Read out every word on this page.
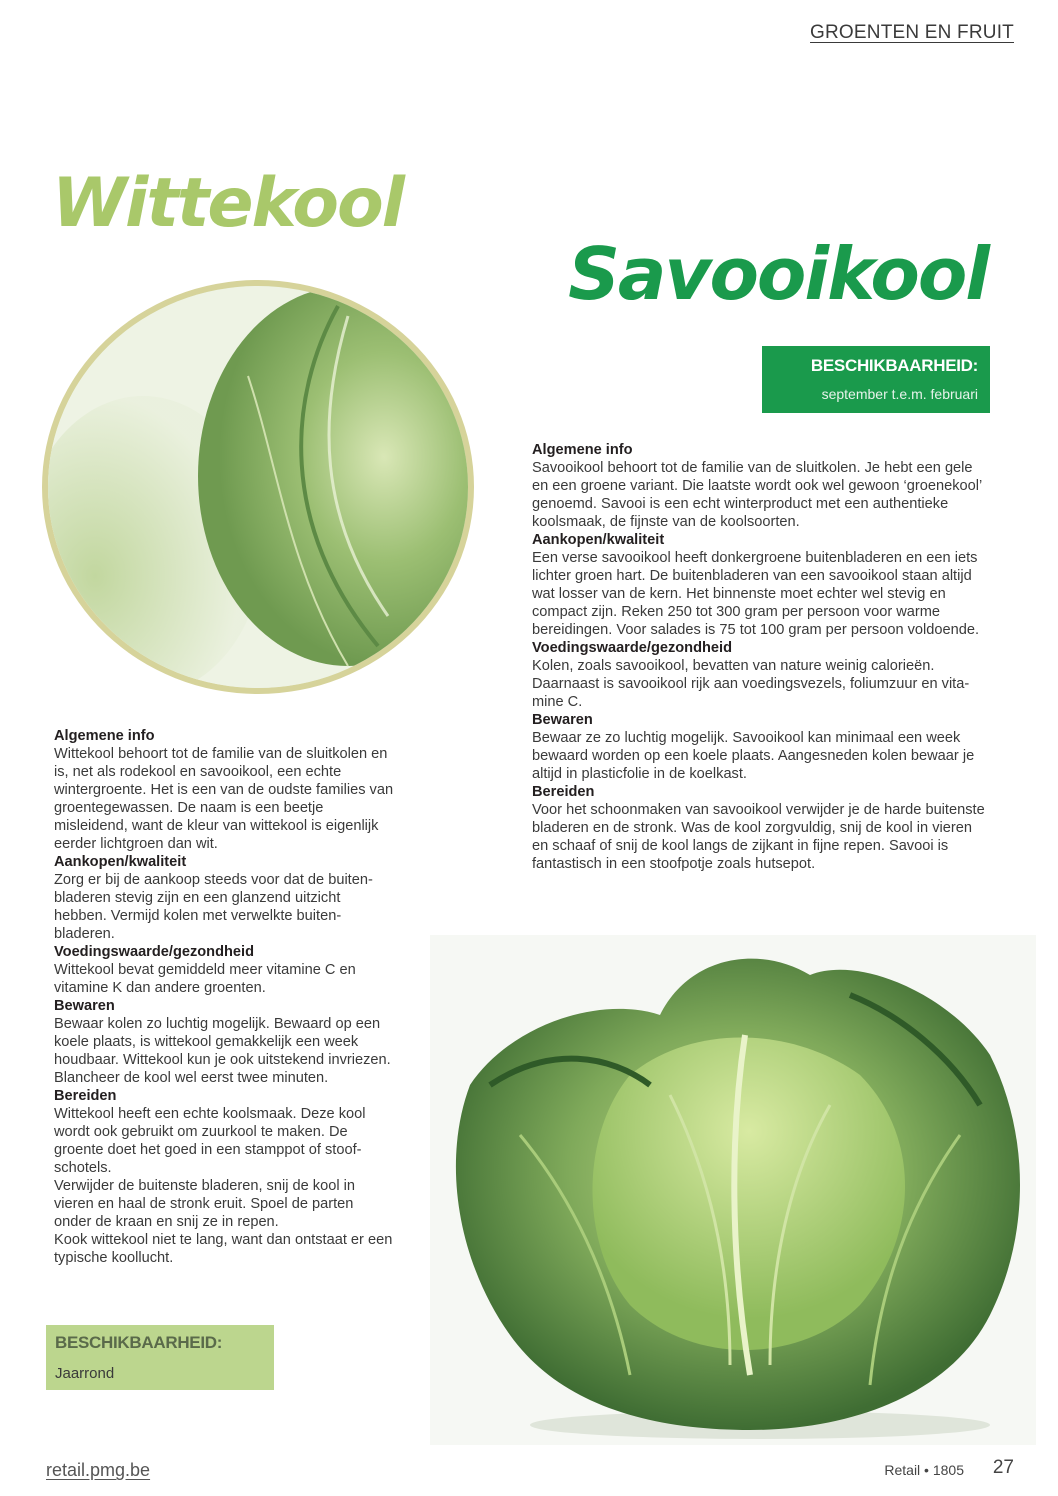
GROENTEN EN FRUIT
Wittekool
Savooikool

Algemene info

Wittekool behoort tot de familie van de sluitkolen en is, net als rodekool en savooikool, een echte wintergroente. Het is een van de oudste families van groentegewassen. De naam is een beetje misleidend, want de kleur van wittekool is eigenlijk eerder lichtgroen dan wit.

Aankopen/kwaliteit

Zorg er bij de aankoop steeds voor dat de buitenbladeren stevig zijn en een glanzend uitzicht hebben. Vermijd kolen met verwelkte buitenbladeren.

Voedingswaarde/gezondheid

Wittekool bevat gemiddeld meer vitamine C en vitamine K dan andere groenten.

Bewaren

Bewaar kolen zo luchtig mogelijk. Bewaard op een koele plaats, is wittekool gemakkelijk een week houdbaar. Wittekool kun je ook uitstekend invriezen. Blancheer de kool wel eerst twee minuten.

Bereiden

Wittekool heeft een echte koolsmaak. Deze kool wordt ook gebruikt om zuurkool te maken. De groente doet het goed in een stamppot of stoofschotels.

Verwijder de buitenste bladeren, snij de kool in vieren en haal de stronk eruit. Spoel de parten onder de kraan en snij ze in repen.

Kook wittekool niet te lang, want dan ontstaat er een typische koollucht.

BESCHIKBAARHEID:
Jaarrond
BESCHIKBAARHEID:
september t.e.m. februari

Algemene info

Savooikool behoort tot de familie van de sluitkolen. Je hebt een gele en een groene variant. Die laatste wordt ook wel gewoon ‘groenekool’ genoemd. Savooi is een echt winterproduct met een authentieke koolsmaak, de fijnste van de koolsoorten.

Aankopen/kwaliteit

Een verse savooikool heeft donkergroene buitenbladeren en een iets lichter groen hart. De buitenbladeren van een savooikool staan altijd wat losser van de kern. Het binnenste moet echter wel stevig en compact zijn. Reken 250 tot 300 gram per persoon voor warme bereidingen. Voor salades is 75 tot 100 gram per persoon voldoende.

Voedingswaarde/gezondheid

Kolen, zoals savooikool, bevatten van nature weinig calorieën. Daarnaast is savooikool rijk aan voedingsvezels, foliumzuur en vitamine C.

Bewaren

Bewaar ze zo luchtig mogelijk. Savooikool kan minimaal een week bewaard worden op een koele plaats. Aangesneden kolen bewaar je altijd in plasticfolie in de koelkast.

Bereiden

Voor het schoonmaken van savooikool verwijder je de harde buitenste bladeren en de stronk. Was de kool zorgvuldig, snij de kool in vieren en schaaf of snij de kool langs de zijkant in fijne repen. Savooi is fantastisch in een stoofpotje zoals hutsepot.

retail.pmg.be	Retail • 1805 27
